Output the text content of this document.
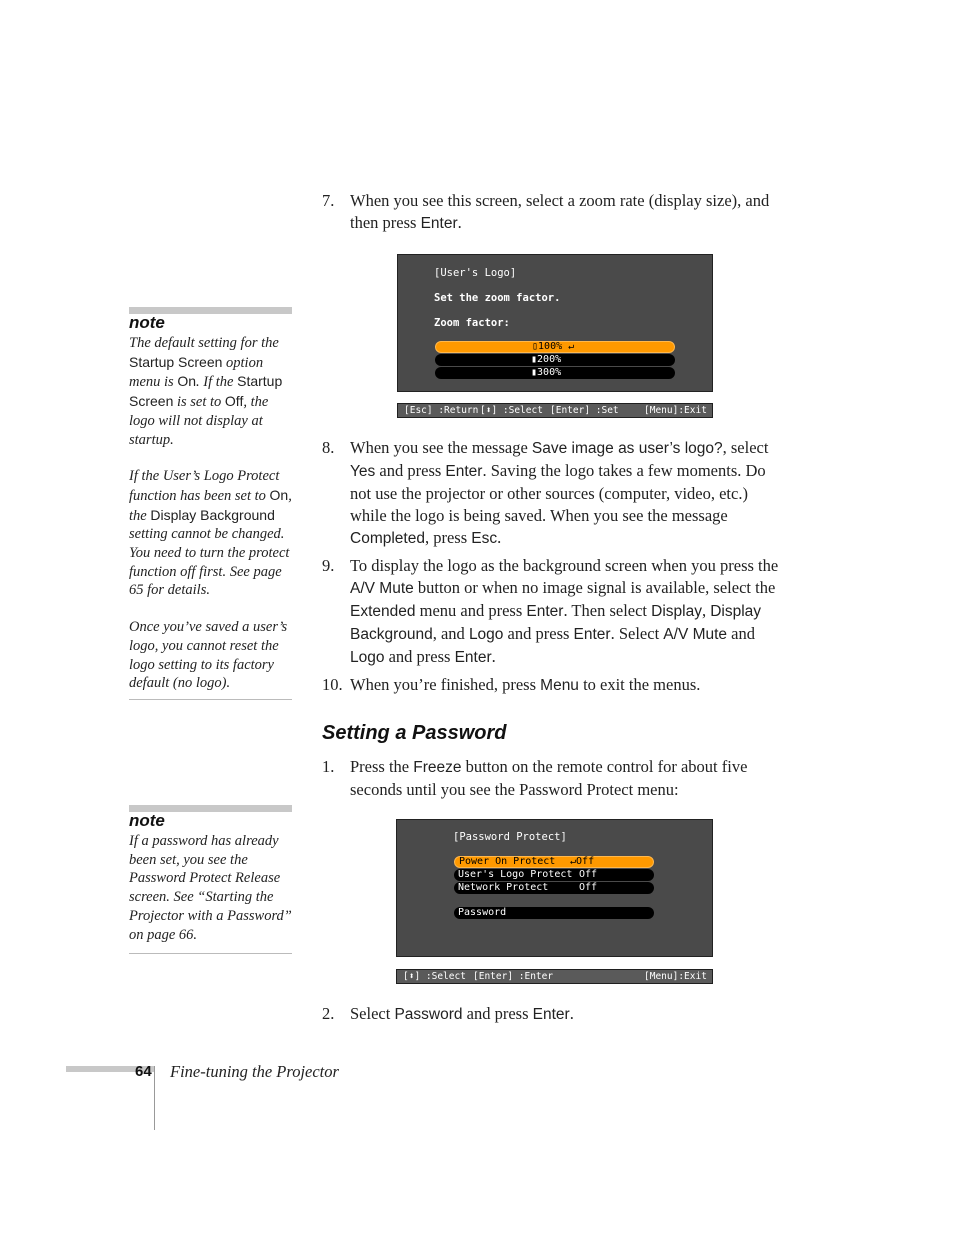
7. When you see this screen, select a zoom rate (display size), and then press Enter.
[User's Logo]
Set the zoom factor.
Zoom factor:
▯100% ↵
▮200%
▮300%
[Esc] :Return [⬍] :Select [Enter] :Set	[Menu]:Exit
8. When you see the message Save image as user’s logo?, select Yes and press Enter. Saving the logo takes a few moments. Do not use the projector or other sources (computer, video, etc.) while the logo is being saved. When you see the message Completed, press Esc.
9. To display the logo as the background screen when you press the A/V Mute button or when no image signal is available, select the Extended menu and press Enter. Then select Display, Display Background, and Logo and press Enter. Select A/V Mute and Logo and press Enter.
10. When you’re finished, press Menu to exit the menus.
Setting a Password
1. Press the Freeze button on the remote control for about five seconds until you see the Password Protect menu:
[Password Protect]
Power On Protect ↵Off
User's Logo Protect Off
Network Protect	Off
Password
[⬍] :Select [Enter] :Enter	[Menu]:Exit
2. Select Password and press Enter.
note

The default setting for the Startup Screen option menu is On. If the Startup Screen is set to Off, the logo will not display at startup.

If the User’s Logo Protect function has been set to On, the Display Background setting cannot be changed. You need to turn the protect function off first. See page 65 for details.

Once you’ve saved a user’s logo, you cannot reset the logo setting to its factory default (no logo).

note

If a password has already been set, you see the Password Protect Release screen. See “Starting the Projector with a Password” on page 66.

64 Fine-tuning the Projector
